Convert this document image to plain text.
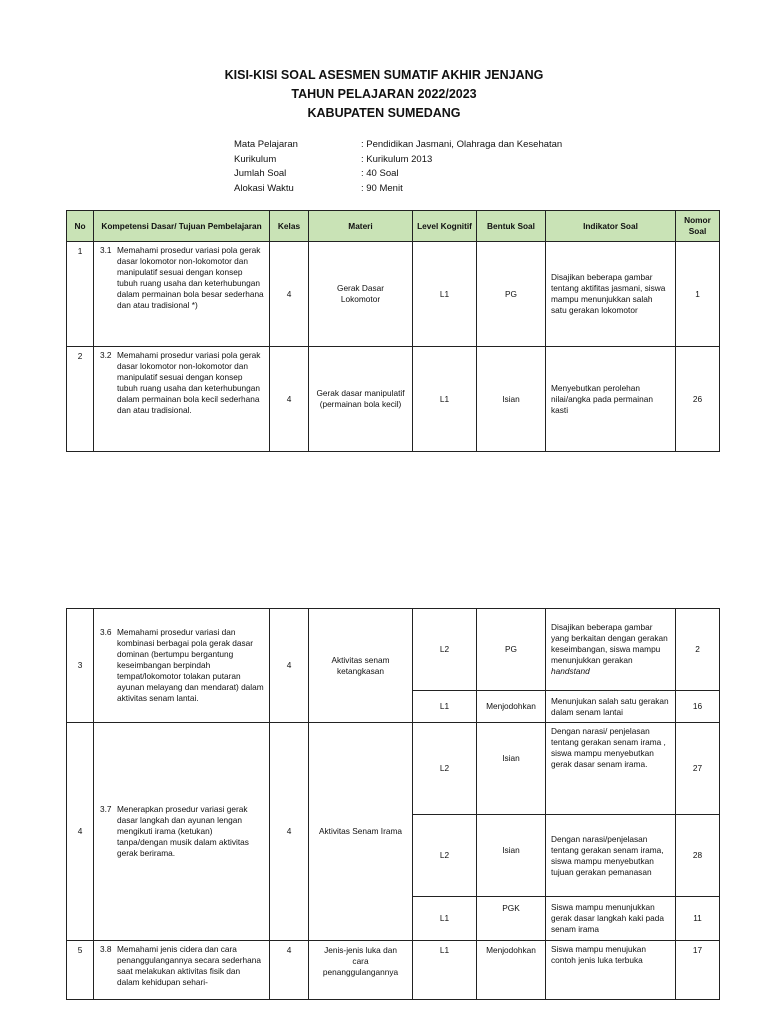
KISI-KISI SOAL ASESMEN SUMATIF AKHIR JENJANG
TAHUN PELAJARAN 2022/2023
KABUPATEN SUMEDANG
Mata Pelajaran	: Pendidikan Jasmani, Olahraga dan Kesehatan
Kurikulum	: Kurikulum 2013
Jumlah Soal	: 40 Soal
Alokasi Waktu	: 90 Menit
No	Kompetensi Dasar/ Tujuan Pembelajaran	Kelas	Materi	Level Kognitif	Bentuk Soal	Indikator Soal	Nomor Soal
1	3.1 Memahami prosedur variasi pola gerak dasar lokomotor non-lokomotor dan manipulatif sesuai dengan konsep tubuh ruang usaha dan keterhubungan dalam permainan bola besar sederhana dan atau tradisional *)	4	Gerak Dasar Lokomotor	L1	PG	Disajikan beberapa gambar tentang aktifitas jasmani, siswa mampu menunjukkan salah satu gerakan lokomotor	1
2	3.2 Memahami prosedur variasi pola gerak dasar lokomotor non-lokomotor dan manipulatif sesuai dengan konsep tubuh ruang usaha dan keterhubungan dalam permainan bola kecil sederhana dan atau tradisional.	4	Gerak dasar manipulatif (permainan bola kecil)	L1	Isian	Menyebutkan perolehan nilai/angka pada permainan kasti	26
3	3.6 Memahami prosedur variasi dan kombinasi berbagai pola gerak dasar dominan (bertumpu bergantung keseimbangan berpindah tempat/lokomotor tolakan putaran ayunan melayang dan mendarat) dalam aktivitas senam lantai.	4	Aktivitas senam ketangkasan	L2	PG	Disajikan beberapa gambar yang berkaitan dengan gerakan keseimbangan, siswa mampu menunjukkan gerakan handstand	2
				L1	Menjodohkan	Menunjukan salah satu gerakan dalam senam lantai	16
4	3.7 Menerapkan prosedur variasi gerak dasar langkah dan ayunan lengan mengikuti irama (ketukan) tanpa/dengan musik dalam aktivitas gerak berirama.	4	Aktivitas Senam Irama	L2	Isian	Dengan narasi/ penjelasan tentang gerakan senam irama , siswa mampu menyebutkan gerak dasar senam irama.	27
				L2	Isian	Dengan narasi/penjelasan tentang gerakan senam irama, siswa mampu menyebutkan tujuan gerakan pemanasan	28
				L1	PGK	Siswa mampu menunjukkan gerak dasar langkah kaki pada senam irama	11
5	3.8 Memahami jenis cidera dan cara penanggulangannya secara sederhana saat melakukan aktivitas fisik dan dalam kehidupan sehari-	4	Jenis-jenis luka dan cara penanggulangannya	L1	Menjodohkan	Siswa mampu menujukan contoh jenis luka terbuka	17
